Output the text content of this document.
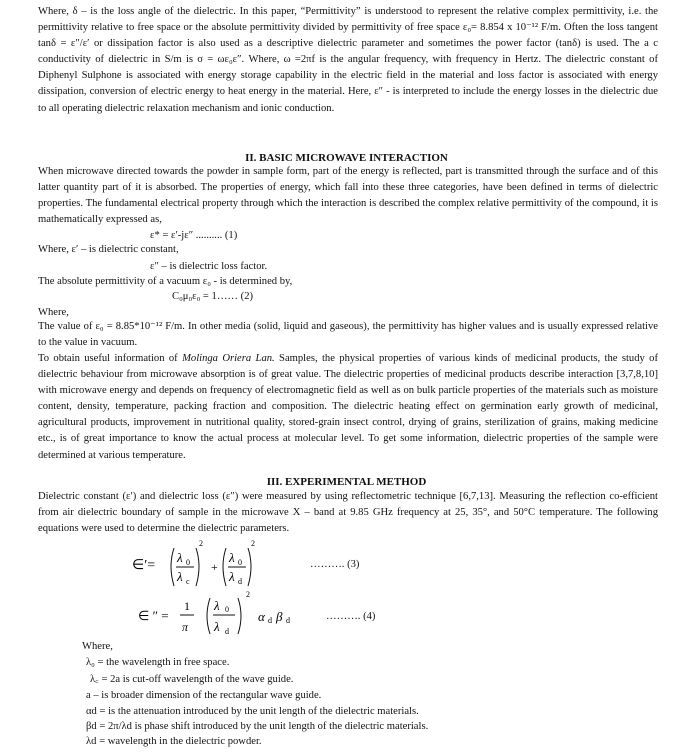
Where, δ – is the loss angle of the dielectric. In this paper, “Permittivity” is understood to represent the relative complex permittivity, i.e. the permittivity relative to free space or the absolute permittivity divided by permittivity of free space ε₀= 8.854 x 10⁻¹² F/m. Often the loss tangent tanδ = ε″/ε′ or dissipation factor is also used as a descriptive dielectric parameter and sometimes the power factor (tanδ) is used. The a c conductivity of dielectric in S/m is σ = ωε₀ε″. Where, ω =2πf is the angular frequency, with frequency in Hertz. The dielectric constant of Diphenyl Sulphone is associated with energy storage capability in the electric field in the material and loss factor is associated with energy dissipation, conversion of electric energy to heat energy in the material. Here, ε″ - is interpreted to include the energy losses in the dielectric due to all operating dielectric relaxation mechanism and ionic conduction.
II. BASIC MICROWAVE INTERACTION
When microwave directed towards the powder in sample form, part of the energy is reflected, part is transmitted through the surface and of this latter quantity part of it is absorbed. The properties of energy, which fall into these three categories, have been defined in terms of dielectric properties. The fundamental electrical property through which the interaction is described the complex relative permittivity of the compound, it is mathematically expressed as,
ε* = ε′-jε″ .......... (1)
Where, ε′ – is dielectric constant,
ε″ – is dielectric loss factor.
The absolute permittivity of a vacuum ε₀ - is determined by,
C₀μ₀ε₀ = 1…… (2)
Where,
The value of ε₀ = 8.85*10⁻¹² F/m. In other media (solid, liquid and gaseous), the permittivity has higher values and is usually expressed relative to the value in vacuum.
To obtain useful information of Molinga Oriera Lan. Samples, the physical properties of various kinds of medicinal products, the study of dielectric behaviour from microwave absorption is of great value. The dielectric properties of medicinal products describe interaction [3,7,8,10] with microwave energy and depends on frequency of electromagnetic field as well as on bulk particle properties of the materials such as moisture content, density, temperature, packing fraction and composition. The dielectric heating effect on germination early growth of medicinal, agricultural products, improvement in nutritional quality, stored-grain insect control, drying of grains, sterilization of grains, making medicine etc., is of great importance to know the actual process at molecular level. To get some information, dielectric properties of the sample were determined at various temperature.
III. EXPERIMENTAL METHOD
Dielectric constant (ε′) and dielectric loss (ε″) were measured by using reflectometric technique [6,7,13]. Measuring the reflection co-efficient from air dielectric boundary of sample in the microwave X – band at 9.85 GHz frequency at 25, 35°, and 50°C temperature. The following equations were used to determine the dielectric parameters.
∈′=
λ 0
λ c
2
+
λ 0
λ d
2
………. (3)
∈ ″ =
1
π
λ 0
λ d
2
α d β d	………. (4)
Where,
λ₀ = the wavelength in free space.
λ꜀ = 2a is cut-off wavelength of the wave guide.
a – is broader dimension of the rectangular wave guide.
αd = is the attenuation introduced by the unit length of the dielectric materials.
βd = 2π/λd is phase shift introduced by the unit length of the dielectric materials.
λd = wavelength in the dielectric powder.
